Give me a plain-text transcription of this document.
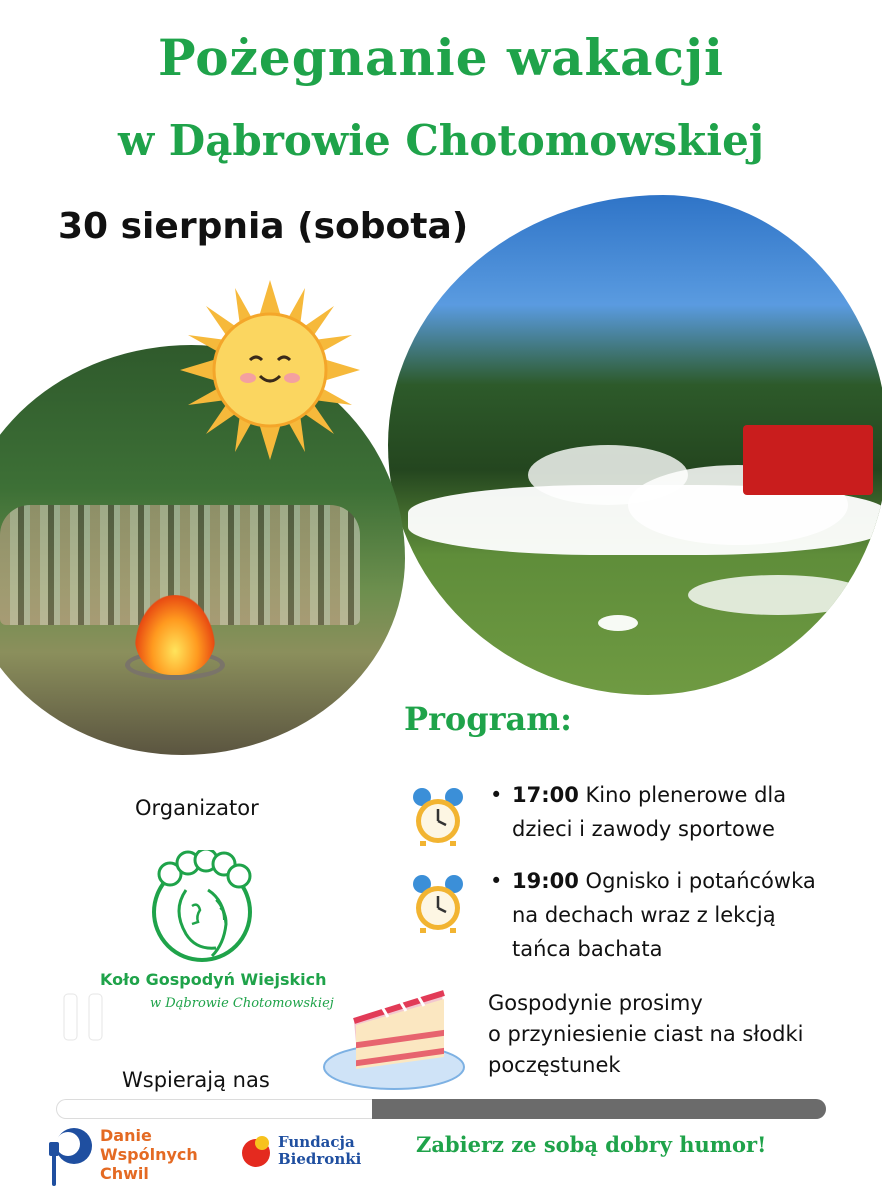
Pożegnanie wakacji
w Dąbrowie Chotomowskiej
30 sierpnia (sobota)
Program:
• 17:00 Kino plenerowe dla
dzieci i zawody sportowe
• 19:00 Ognisko i potańcówka
na dechach wraz z lekcją
tańca bachata
Organizator
Koło Gospodyń Wiejskich
w Dąbrowie Chotomowskiej	Gospodynie prosimy
o przyniesienie ciast na słodki
poczęstunek
Wspierają nas
Danie
Wspólnych
Chwil
Fundacja
Biedronki
Zabierz ze sobą dobry humor!
